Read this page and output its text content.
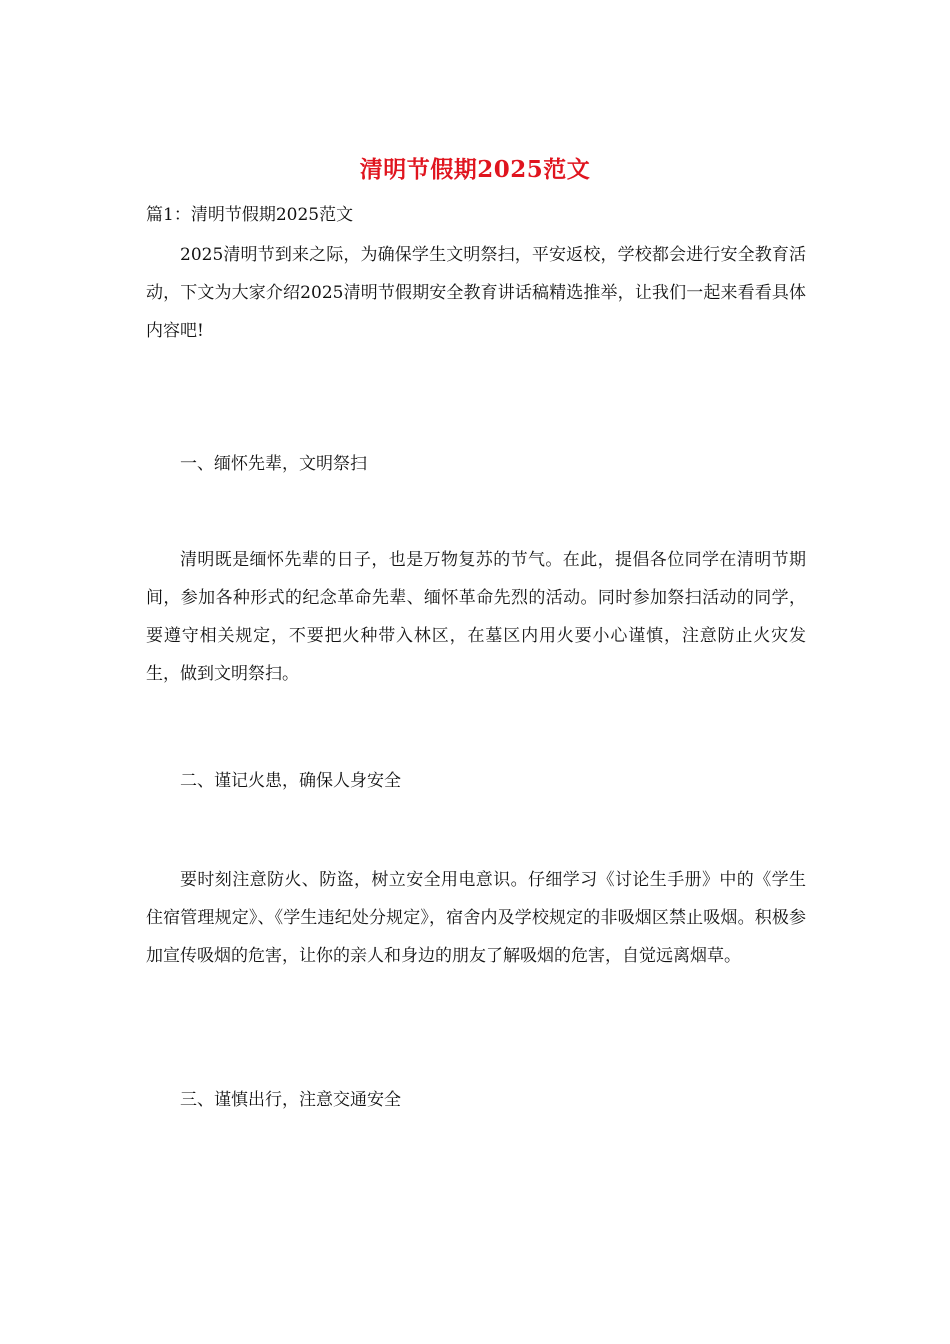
清明节假期2025范文
篇1：清明节假期2025范文

2025清明节到来之际，为确保学生文明祭扫，平安返校，学校都会进行安全教育活动，下文为大家介绍2025清明节假期安全教育讲话稿精选推举，让我们一起来看看具体内容吧!

一、缅怀先辈，文明祭扫

清明既是缅怀先辈的日子，也是万物复苏的节气。在此，提倡各位同学在清明节期间，参加各种形式的纪念革命先辈、缅怀革命先烈的活动。同时参加祭扫活动的同学，要遵守相关规定，不要把火种带入林区，在墓区内用火要小心谨慎，注意防止火灾发生，做到文明祭扫。

二、谨记火患，确保人身安全

要时刻注意防火、防盗，树立安全用电意识。仔细学习《讨论生手册》中的《学生住宿管理规定》、《学生违纪处分规定》，宿舍内及学校规定的非吸烟区禁止吸烟。积极参加宣传吸烟的危害，让你的亲人和身边的朋友了解吸烟的危害，自觉远离烟草。

三、谨慎出行，注意交通安全
